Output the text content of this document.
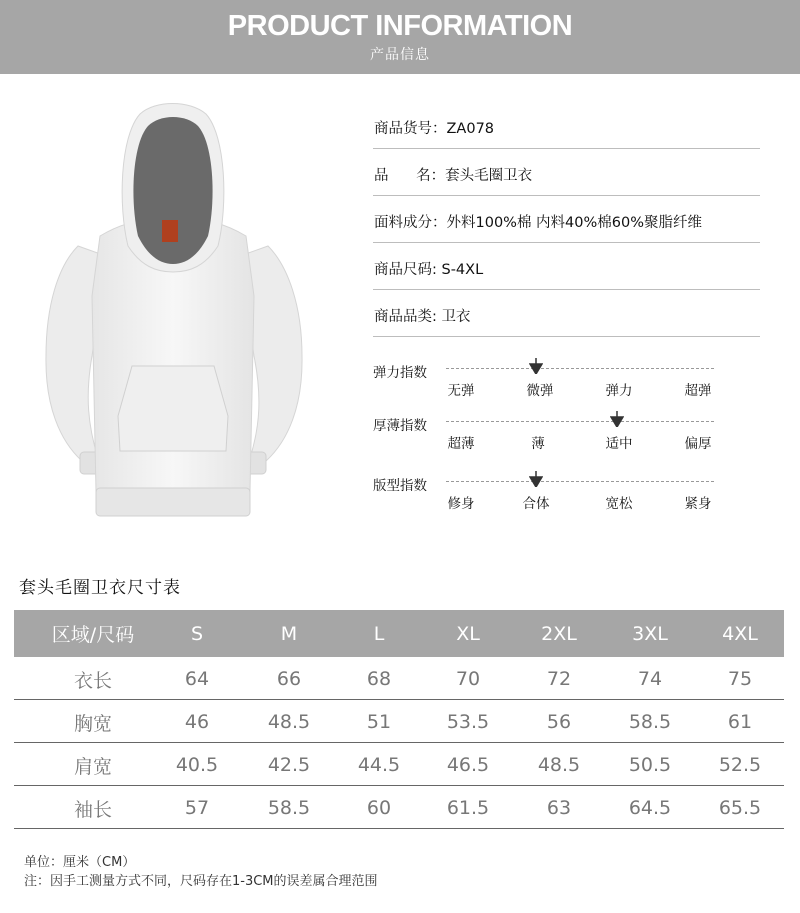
PRODUCT INFORMATION
产品信息
商品货号：ZA078
品      名：套头毛圈卫衣
面料成分：外料100%棉 内料40%棉60%聚脂纤维
商品尺码: S-4XL
商品品类: 卫衣
弹力指数
无弹	微弹	弹力	超弹
厚薄指数
超薄	薄	适中	偏厚
版型指数
修身	合体	宽松	紧身
套头毛圈卫衣尺寸表
区域/尺码	S	M	L	XL	2XL	3XL	4XL
衣长	64	66	68	70	72	74	75
胸宽	46	48.5	51	53.5	56	58.5	61
肩宽	40.5	42.5	44.5	46.5	48.5	50.5	52.5
袖长	57	58.5	60	61.5	63	64.5	65.5
单位：厘米（CM）
注：因手工测量方式不同，尺码存在1-3CM的误差属合理范围
